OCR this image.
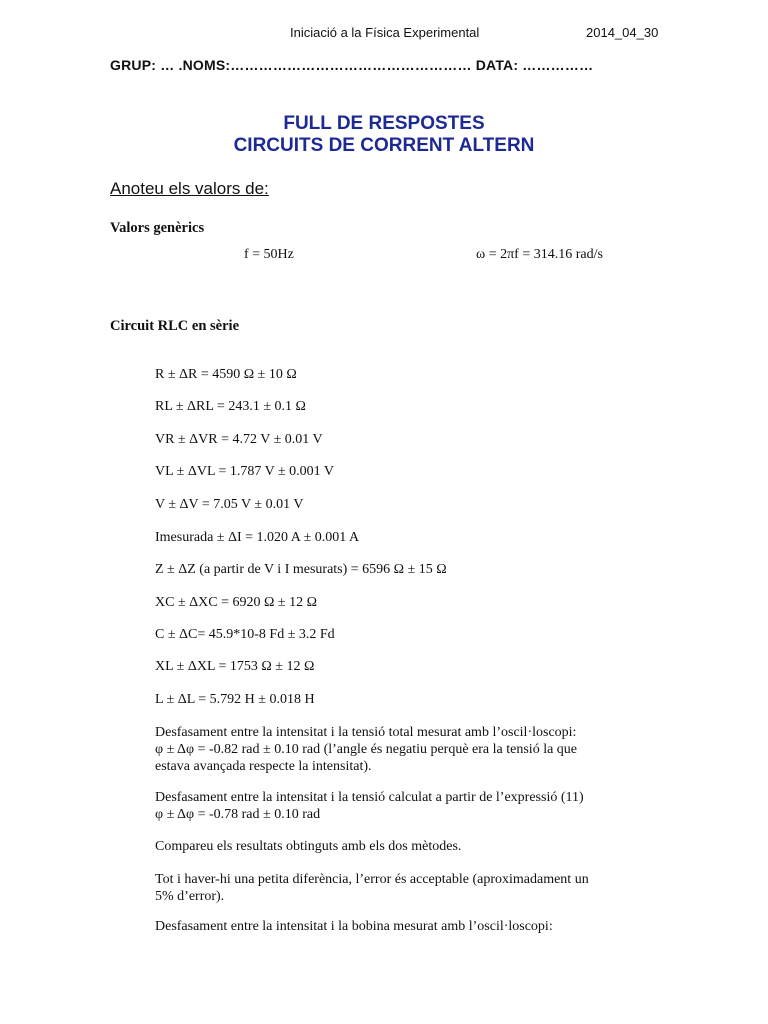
Iniciació a la Física Experimental	2014_04_30
GRUP: … .NOMS:…………………………………………… DATA: ……………
FULL DE RESPOSTES
CIRCUITS DE CORRENT ALTERN
Anoteu els valors de:
Valors genèrics
f = 50Hz	ω = 2πf = 314.16 rad/s
Circuit RLC en sèrie
R ± ΔR = 4590 Ω ± 10 Ω
RL ± ΔRL = 243.1 ± 0.1 Ω
VR ± ΔVR = 4.72 V ± 0.01 V
VL ± ΔVL = 1.787 V ± 0.001 V
V ± ΔV = 7.05 V ± 0.01 V
Imesurada ± ΔI = 1.020 A ± 0.001 A
Z ± ΔZ (a partir de V i I mesurats) = 6596 Ω ± 15 Ω
XC ± ΔXC = 6920 Ω ± 12 Ω
C ± ΔC= 45.9*10-8 Fd ± 3.2 Fd
XL ± ΔXL = 1753 Ω ± 12 Ω
L ± ΔL = 5.792 H ± 0.018 H
Desfasament entre la intensitat i la tensió total mesurat amb l’oscil·loscopi:
φ ± Δφ = -0.82 rad ± 0.10 rad (l’angle és negatiu perquè era la tensió la que
estava avançada respecte la intensitat).
Desfasament entre la intensitat i la tensió calculat a partir de l’expressió (11)
φ ± Δφ = -0.78 rad ± 0.10 rad
Compareu els resultats obtinguts amb els dos mètodes.
Tot i haver-hi una petita diferència, l’error és acceptable (aproximadament un
5% d’error).
Desfasament entre la intensitat i la bobina mesurat amb l’oscil·loscopi:
